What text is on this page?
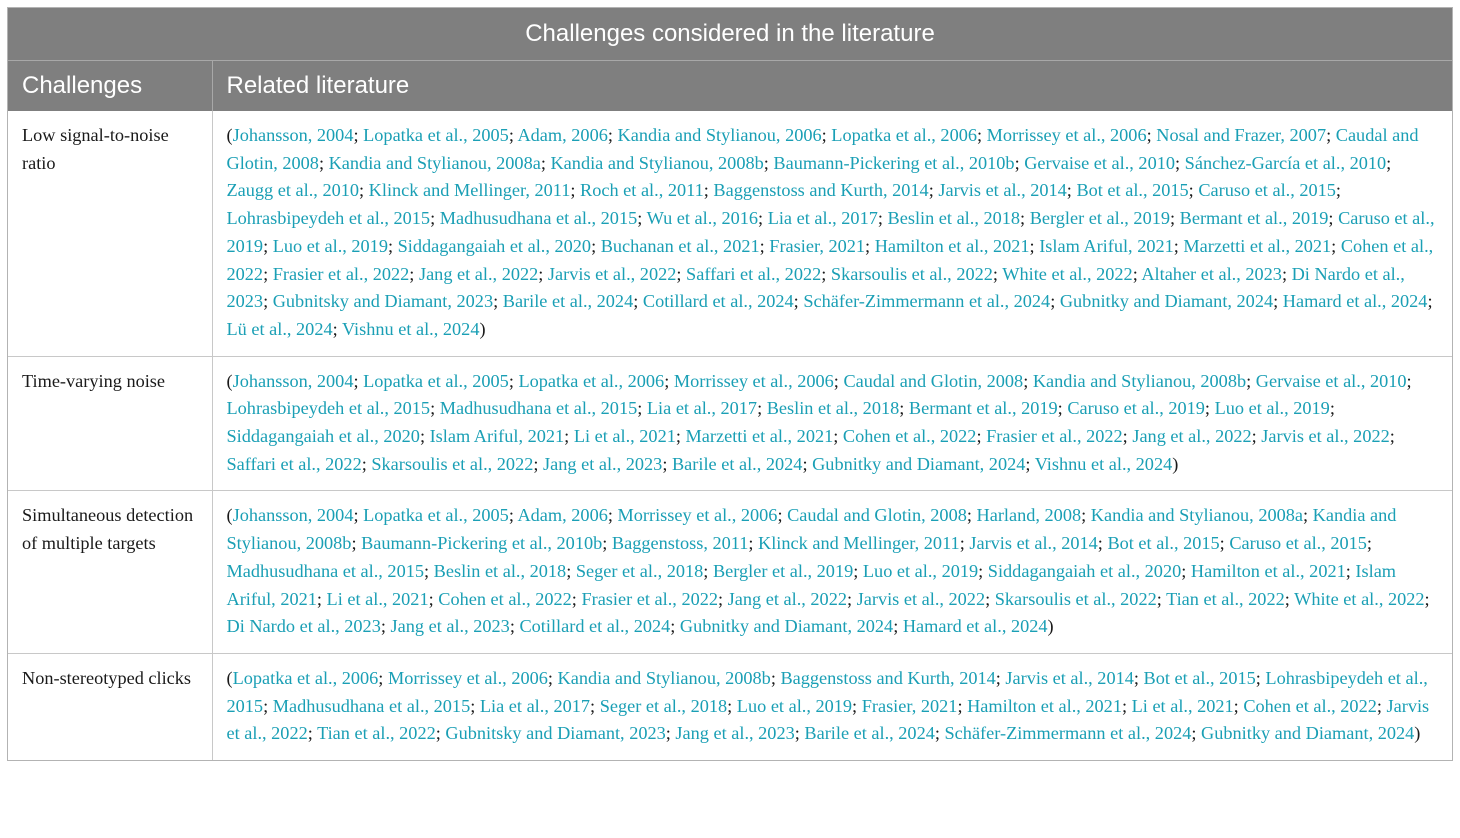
Challenges considered in the literature	
Challenges	Related literature
Low signal-to-noise ratio	(Johansson, 2004; Lopatka et al., 2005; Adam, 2006; Kandia and Stylianou, 2006; Lopatka et al., 2006; Morrissey et al., 2006; Nosal and Frazer, 2007; Caudal and Glotin, 2008; Kandia and Stylianou, 2008a; Kandia and Stylianou, 2008b; Baumann-Pickering et al., 2010b; Gervaise et al., 2010; Sánchez-García et al., 2010; Zaugg et al., 2010; Klinck and Mellinger, 2011; Roch et al., 2011; Baggenstoss and Kurth, 2014; Jarvis et al., 2014; Bot et al., 2015; Caruso et al., 2015; Lohrasbipeydeh et al., 2015; Madhusudhana et al., 2015; Wu et al., 2016; Lia et al., 2017; Beslin et al., 2018; Bergler et al., 2019; Bermant et al., 2019; Caruso et al., 2019; Luo et al., 2019; Siddagangaiah et al., 2020; Buchanan et al., 2021; Frasier, 2021; Hamilton et al., 2021; Islam Ariful, 2021; Marzetti et al., 2021; Cohen et al., 2022; Frasier et al., 2022; Jang et al., 2022; Jarvis et al., 2022; Saffari et al., 2022; Skarsoulis et al., 2022; White et al., 2022; Altaher et al., 2023; Di Nardo et al., 2023; Gubnitsky and Diamant, 2023; Barile et al., 2024; Cotillard et al., 2024; Schäfer-Zimmermann et al., 2024; Gubnitky and Diamant, 2024; Hamard et al., 2024; Lü et al., 2024; Vishnu et al., 2024)
Time-varying noise	(Johansson, 2004; Lopatka et al., 2005; Lopatka et al., 2006; Morrissey et al., 2006; Caudal and Glotin, 2008; Kandia and Stylianou, 2008b; Gervaise et al., 2010; Lohrasbipeydeh et al., 2015; Madhusudhana et al., 2015; Lia et al., 2017; Beslin et al., 2018; Bermant et al., 2019; Caruso et al., 2019; Luo et al., 2019; Siddagangaiah et al., 2020; Islam Ariful, 2021; Li et al., 2021; Marzetti et al., 2021; Cohen et al., 2022; Frasier et al., 2022; Jang et al., 2022; Jarvis et al., 2022; Saffari et al., 2022; Skarsoulis et al., 2022; Jang et al., 2023; Barile et al., 2024; Gubnitky and Diamant, 2024; Vishnu et al., 2024)
Simultaneous detection of multiple targets	(Johansson, 2004; Lopatka et al., 2005; Adam, 2006; Morrissey et al., 2006; Caudal and Glotin, 2008; Harland, 2008; Kandia and Stylianou, 2008a; Kandia and Stylianou, 2008b; Baumann-Pickering et al., 2010b; Baggenstoss, 2011; Klinck and Mellinger, 2011; Jarvis et al., 2014; Bot et al., 2015; Caruso et al., 2015; Madhusudhana et al., 2015; Beslin et al., 2018; Seger et al., 2018; Bergler et al., 2019; Luo et al., 2019; Siddagangaiah et al., 2020; Hamilton et al., 2021; Islam Ariful, 2021; Li et al., 2021; Cohen et al., 2022; Frasier et al., 2022; Jang et al., 2022; Jarvis et al., 2022; Skarsoulis et al., 2022; Tian et al., 2022; White et al., 2022; Di Nardo et al., 2023; Jang et al., 2023; Cotillard et al., 2024; Gubnitky and Diamant, 2024; Hamard et al., 2024)
Non-stereotyped clicks	(Lopatka et al., 2006; Morrissey et al., 2006; Kandia and Stylianou, 2008b; Baggenstoss and Kurth, 2014; Jarvis et al., 2014; Bot et al., 2015; Lohrasbipeydeh et al., 2015; Madhusudhana et al., 2015; Lia et al., 2017; Seger et al., 2018; Luo et al., 2019; Frasier, 2021; Hamilton et al., 2021; Li et al., 2021; Cohen et al., 2022; Jarvis et al., 2022; Tian et al., 2022; Gubnitsky and Diamant, 2023; Jang et al., 2023; Barile et al., 2024; Schäfer-Zimmermann et al., 2024; Gubnitky and Diamant, 2024)
